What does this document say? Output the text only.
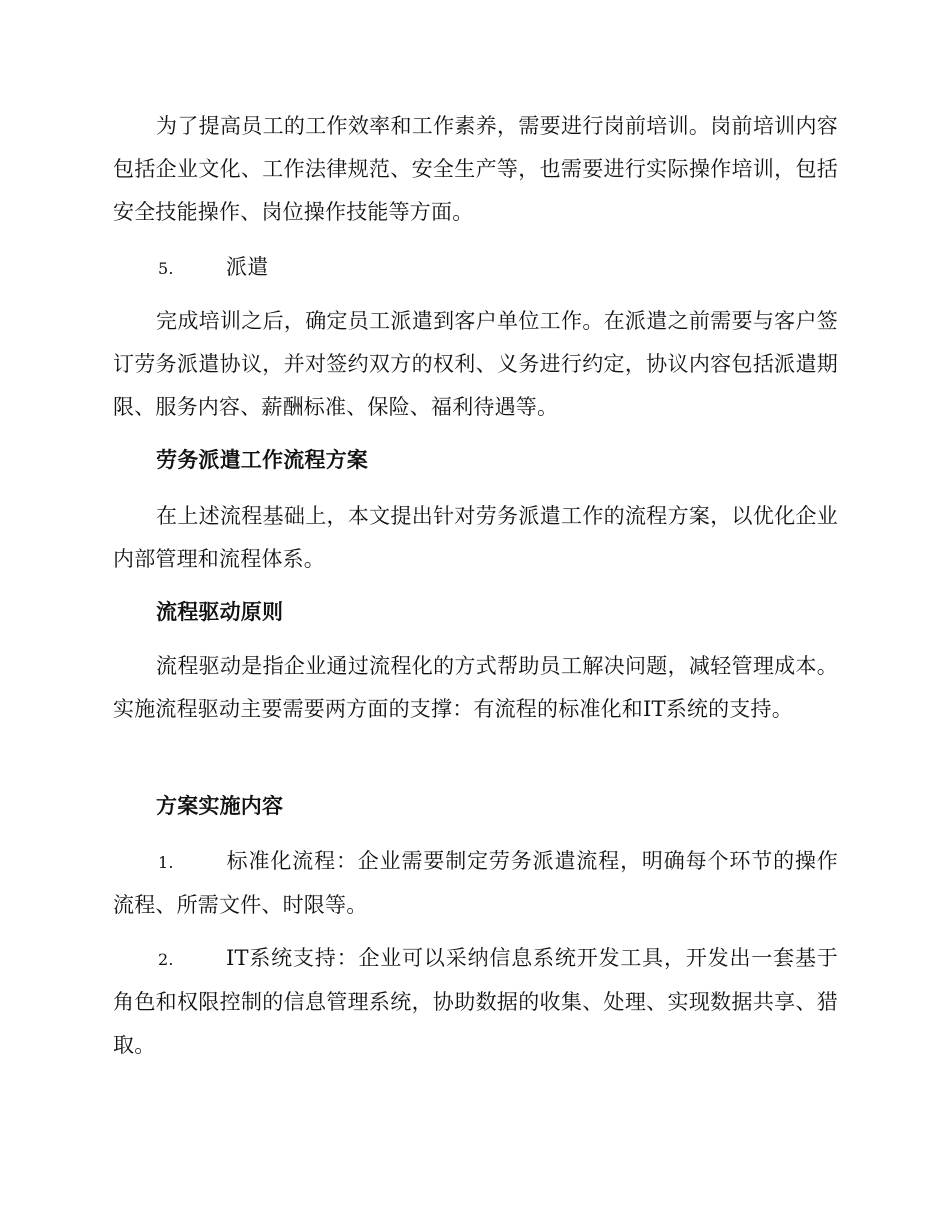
为了提高员工的工作效率和工作素养，需要进行岗前培训。岗前培训内容包括企业文化、工作法律规范、安全生产等，也需要进行实际操作培训，包括安全技能操作、岗位操作技能等方面。

5. 派遣

完成培训之后，确定员工派遣到客户单位工作。在派遣之前需要与客户签订劳务派遣协议，并对签约双方的权利、义务进行约定，协议内容包括派遣期限、服务内容、薪酬标准、保险、福利待遇等。

劳务派遣工作流程方案

在上述流程基础上，本文提出针对劳务派遣工作的流程方案，以优化企业内部管理和流程体系。

流程驱动原则

流程驱动是指企业通过流程化的方式帮助员工解决问题，减轻管理成本。实施流程驱动主要需要两方面的支撑：有流程的标准化和IT系统的支持。

方案实施内容
1. 标准化流程：企业需要制定劳务派遣流程，明确每个环节的操作流程、所需文件、时限等。
2. IT系统支持：企业可以采纳信息系统开发工具，开发出一套基于角色和权限控制的信息管理系统，协助数据的收集、处理、实现数据共享、猎取。
